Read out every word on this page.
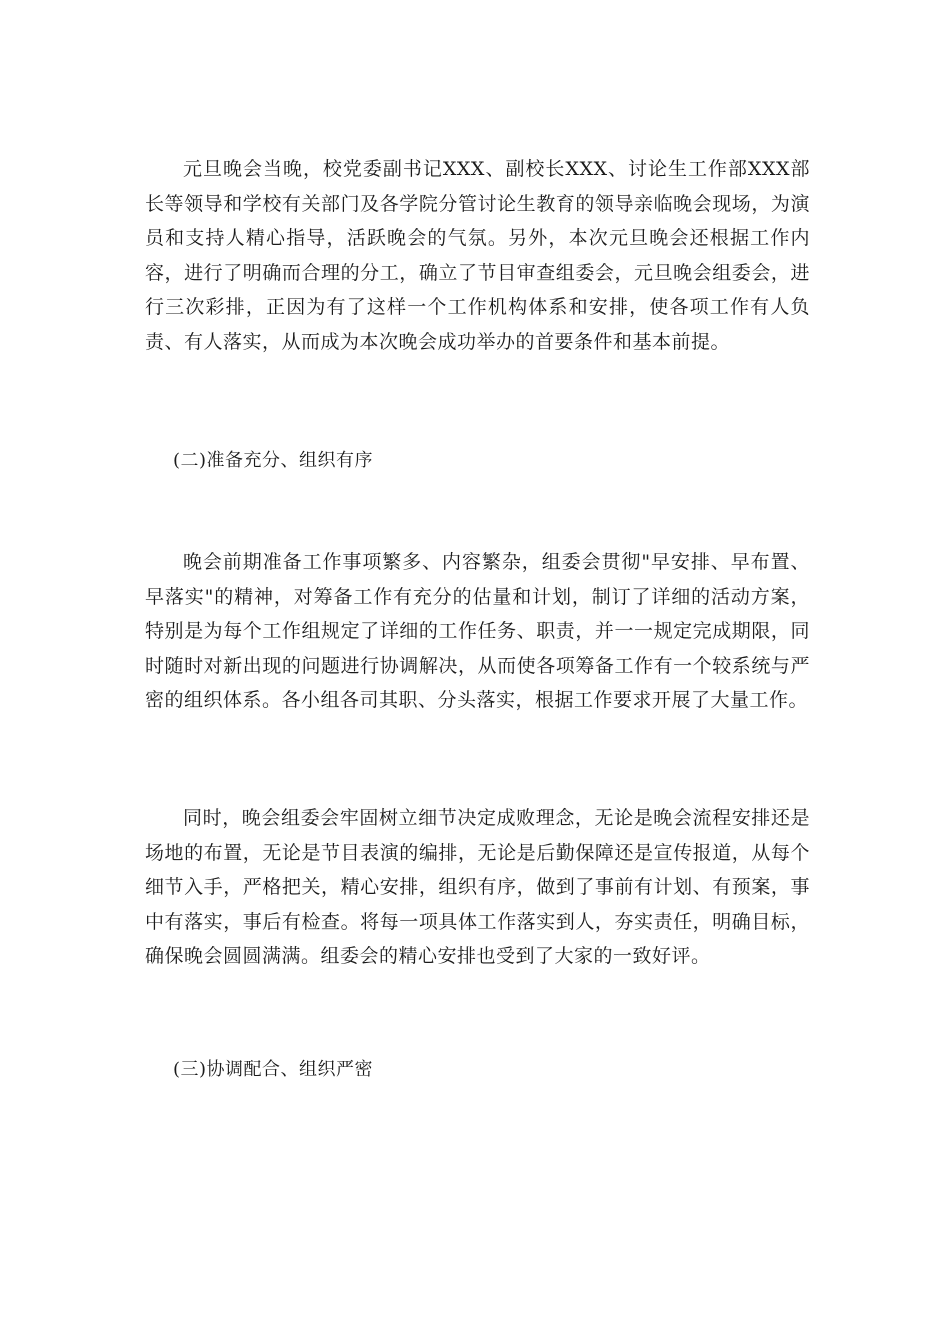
元旦晚会当晚，校党委副书记XXX、副校长XXX、讨论生工作部XXX部长等领导和学校有关部门及各学院分管讨论生教育的领导亲临晚会现场，为演员和支持人精心指导，活跃晚会的气氛。另外，本次元旦晚会还根据工作内容，进行了明确而合理的分工，确立了节目审查组委会，元旦晚会组委会，进行三次彩排，正因为有了这样一个工作机构体系和安排，使各项工作有人负责、有人落实，从而成为本次晚会成功举办的首要条件和基本前提。

(二)准备充分、组织有序

晚会前期准备工作事项繁多、内容繁杂，组委会贯彻"早安排、早布置、早落实"的精神，对筹备工作有充分的估量和计划，制订了详细的活动方案，特别是为每个工作组规定了详细的工作任务、职责，并一一规定完成期限，同时随时对新出现的问题进行协调解决，从而使各项筹备工作有一个较系统与严密的组织体系。各小组各司其职、分头落实，根据工作要求开展了大量工作。

同时，晚会组委会牢固树立细节决定成败理念，无论是晚会流程安排还是场地的布置，无论是节目表演的编排，无论是后勤保障还是宣传报道，从每个细节入手，严格把关，精心安排，组织有序，做到了事前有计划、有预案，事中有落实，事后有检查。将每一项具体工作落实到人，夯实责任，明确目标，确保晚会圆圆满满。组委会的精心安排也受到了大家的一致好评。

(三)协调配合、组织严密
